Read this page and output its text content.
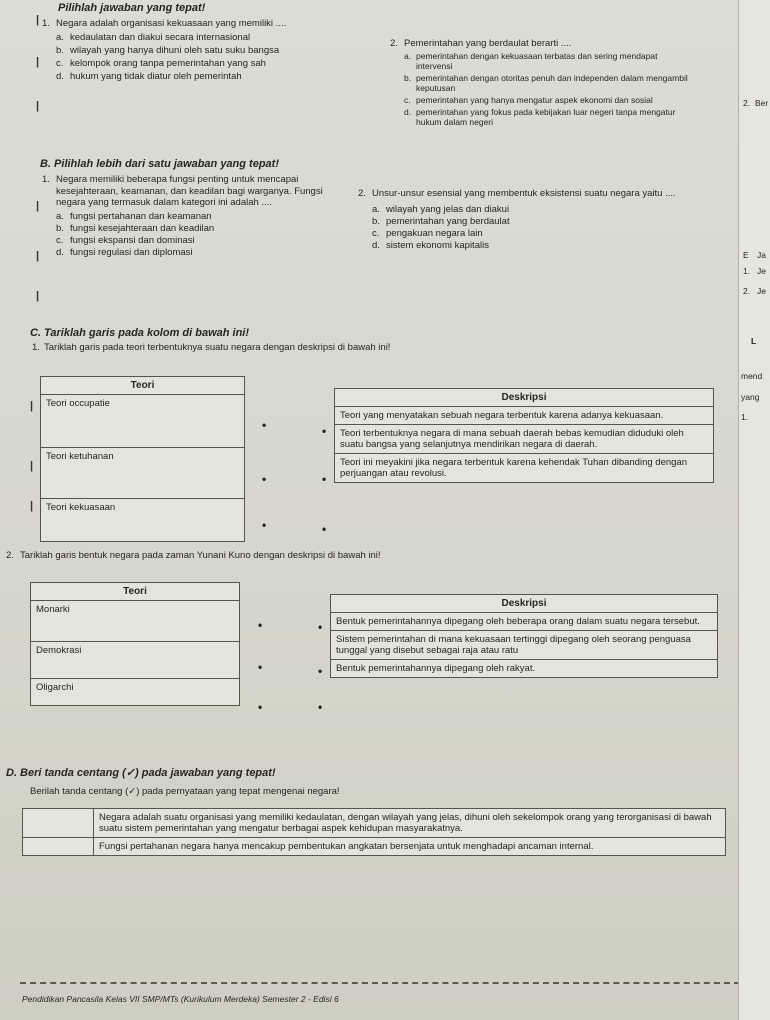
Pilihlah jawaban yang tepat!
1. Negara adalah organisasi kekuasaan yang memiliki ....
a. kedaulatan dan diakui secara internasional
b. wilayah yang hanya dihuni oleh satu suku bangsa
c. kelompok orang tanpa pemerintahan yang sah
d. hukum yang tidak diatur oleh pemerintah
2. Pemerintahan yang berdaulat berarti ....
a. pemerintahan dengan kekuasaan terbatas dan sering mendapat intervensi
b. pemerintahan dengan otoritas penuh dan independen dalam mengambil keputusan
c. pemerintahan yang hanya mengatur aspek ekonomi dan sosial
d. pemerintahan yang fokus pada kebijakan luar negeri tanpa mengatur hukum dalam negeri
B. Pilihlah lebih dari satu jawaban yang tepat!
1. Negara memiliki beberapa fungsi penting untuk mencapai kesejahteraan, keamanan, dan keadilan bagi warganya. Fungsi negara yang termasuk dalam kategori ini adalah ....
a. fungsi pertahanan dan keamanan
b. fungsi kesejahteraan dan keadilan
c. fungsi ekspansi dan dominasi
d. fungsi regulasi dan diplomasi
2. Unsur-unsur esensial yang membentuk eksistensi suatu negara yaitu ....
a. wilayah yang jelas dan diakui
b. pemerintahan yang berdaulat
c. pengakuan negara lain
d. sistem ekonomi kapitalis
C. Tariklah garis pada kolom di bawah ini!
1. Tariklah garis pada teori terbentuknya suatu negara dengan deskripsi di bawah ini!
Teori
Teori occupatie
Teori ketuhanan
Teori kekuasaan
•
•
•
Deskripsi
Teori yang menyatakan sebuah negara terbentuk karena adanya kekuasaan.
Teori terbentuknya negara di mana sebuah daerah bebas kemudian diduduki oleh suatu bangsa yang selanjutnya mendirikan negara di daerah.
Teori ini meyakini jika negara terbentuk karena kehendak Tuhan dibanding dengan perjuangan atau revolusi.
•
•
•
2. Tariklah garis bentuk negara pada zaman Yunani Kuno dengan deskripsi di bawah ini!
Teori
Monarki
Demokrasi
Oligarchi
•
•
•
Deskripsi
Bentuk pemerintahannya dipegang oleh beberapa orang dalam suatu negara tersebut.
Sistem pemerintahan di mana kekuasaan tertinggi dipegang oleh seorang penguasa tunggal yang disebut sebagai raja atau ratu
Bentuk pemerintahannya dipegang oleh rakyat.
•
•
•
D. Beri tanda centang (✓) pada jawaban yang tepat!
Berilah tanda centang (✓) pada pernyataan yang tepat mengenai negara!
	Negara adalah suatu organisasi yang memiliki kedaulatan, dengan wilayah yang jelas, dihuni oleh sekelompok orang yang terorganisasi di bawah suatu sistem pemerintahan yang mengatur berbagai aspek kehidupan masyarakatnya.
	Fungsi pertahanan negara hanya mencakup pembentukan angkatan bersenjata untuk menghadapi ancaman internal.
Pendidikan Pancasila Kelas VII SMP/MTs (Kurikulum Merdeka) Semester 2 - Edisi 6
2. Ber
E Ja
1. Je
2. Je
L
mend
yang
1.
|
|
|
|
|
|
|
|
|
